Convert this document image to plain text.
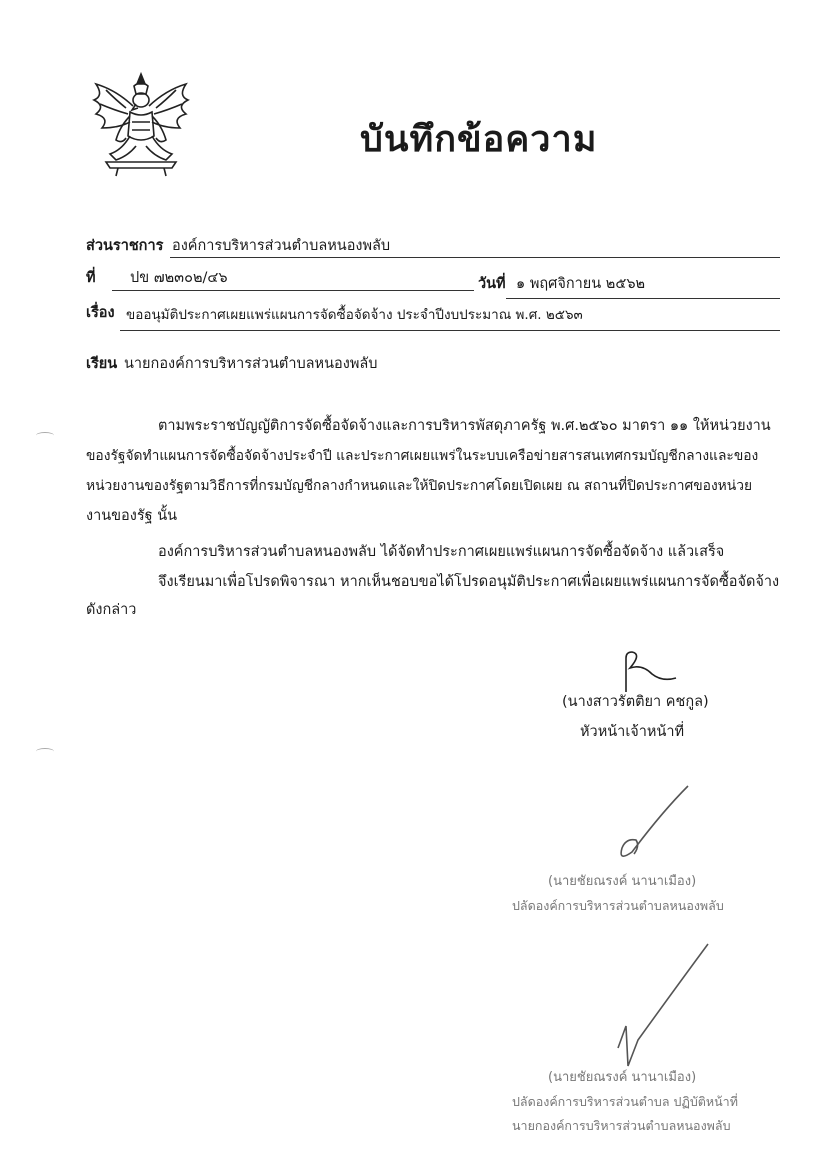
บันทึกข้อความ
ส่วนราชการ องค์การบริหารส่วนตำบลหนองพลับ
ที่ ปข ๗๒๓๐๒/๔๖	วันที่ ๑ พฤศจิกายน ๒๕๖๒
เรื่อง ขออนุมัติประกาศเผยแพร่แผนการจัดซื้อจัดจ้าง ประจำปีงบประมาณ พ.ศ. ๒๕๖๓
เรียน นายกองค์การบริหารส่วนตำบลหนองพลับ
ตามพระราชบัญญัติการจัดซื้อจัดจ้างและการบริหารพัสดุภาครัฐ พ.ศ.๒๕๖๐ มาตรา ๑๑ ให้หน่วยงาน
ของรัฐจัดทำแผนการจัดซื้อจัดจ้างประจำปี และประกาศเผยแพร่ในระบบเครือข่ายสารสนเทศกรมบัญชีกลางและของ
หน่วยงานของรัฐตามวิธีการที่กรมบัญชีกลางกำหนดและให้ปิดประกาศโดยเปิดเผย ณ สถานที่ปิดประกาศของหน่วย
งานของรัฐ นั้น
องค์การบริหารส่วนตำบลหนองพลับ ได้จัดทำประกาศเผยแพร่แผนการจัดซื้อจัดจ้าง แล้วเสร็จ
จึงเรียนมาเพื่อโปรดพิจารณา หากเห็นชอบขอได้โปรดอนุมัติประกาศเพื่อเผยแพร่แผนการจัดซื้อจัดจ้าง
ดังกล่าว
(นางสาวรัตติยา คชกูล)
หัวหน้าเจ้าหน้าที่
(นายชัยณรงค์ นานาเมือง)
ปลัดองค์การบริหารส่วนตำบลหนองพลับ
(นายชัยณรงค์ นานาเมือง)
ปลัดองค์การบริหารส่วนตำบล ปฏิบัติหน้าที่
นายกองค์การบริหารส่วนตำบลหนองพลับ
